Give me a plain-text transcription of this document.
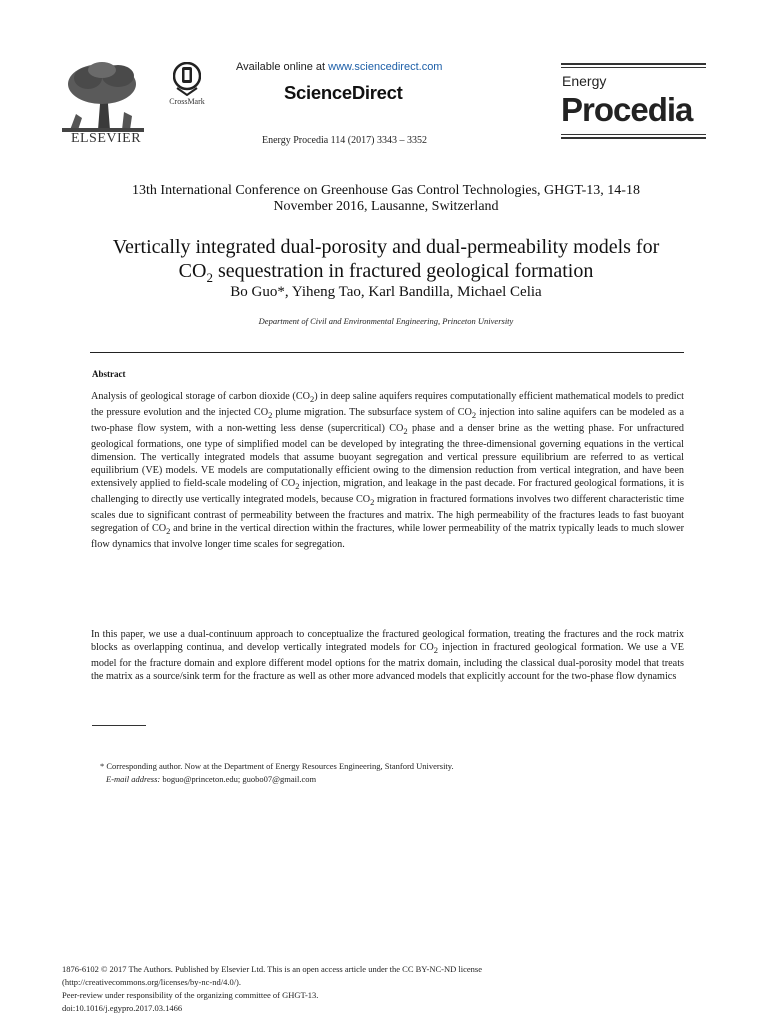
ELSEVIER
CrossMark
Available online at www.sciencedirect.com
ScienceDirect
Energy Procedia 114 (2017) 3343 – 3352
Energy
Procedia
13th International Conference on Greenhouse Gas Control Technologies, GHGT-13, 14-18
November 2016, Lausanne, Switzerland
Vertically integrated dual-porosity and dual-permeability models for
$CO_2$ sequestration in fractured geological formation
Bo Guo*, Yiheng Tao, Karl Bandilla, Michael Celia
Department of Civil and Environmental Engineering, Princeton University
Abstract
Analysis of geological storage of carbon dioxide $(CO_2)$ in deep saline aquifers requires computationally efficient mathematical models to predict the pressure evolution and the injected $CO_2$ plume migration. The subsurface system of $CO_2$ injection into saline aquifers can be modeled as a two-phase flow system, with a non-wetting less dense (supercritical) $CO_2$ phase and a denser brine as the wetting phase. For unfractured geological formations, one type of simplified model can be developed by integrating the three-dimensional governing equations in the vertical dimension. The vertically integrated models that assume buoyant segregation and vertical pressure equilibrium are referred to as vertical equilibrium (VE) models. VE models are computationally efficient owing to the dimension reduction from vertical integration, and have been extensively applied to field-scale modeling of $CO_2$ injection, migration, and leakage in the past decade. For fractured geological formations, it is challenging to directly use vertically integrated models, because $CO_2$ migration in fractured formations involves two different characteristic time scales due to significant contrast of permeability between the fractures and matrix. The high permeability of the fractures leads to fast buoyant segregation of $CO_2$ and brine in the vertical direction within the fractures, while lower permeability of the matrix typically leads to much slower flow dynamics that involve longer time scales for segregation.
In this paper, we use a dual-continuum approach to conceptualize the fractured geological formation, treating the fractures and the rock matrix blocks as overlapping continua, and develop vertically integrated models for $CO_2$ injection in fractured geological formation. We use a VE model for the fracture domain and explore different model options for the matrix domain, including the classical dual-porosity model that treats the matrix as a source/sink term for the fracture as well as other more advanced models that explicitly account for the two-phase flow dynamics
* Corresponding author. Now at the Department of Energy Resources Engineering, Stanford University.
E-mail address: boguo@princeton.edu; guobo07@gmail.com
1876-6102 © 2017 The Authors. Published by Elsevier Ltd. This is an open access article under the CC BY-NC-ND license
(http://creativecommons.org/licenses/by-nc-nd/4.0/).
Peer-review under responsibility of the organizing committee of GHGT-13.
doi:10.1016/j.egypro.2017.03.1466
